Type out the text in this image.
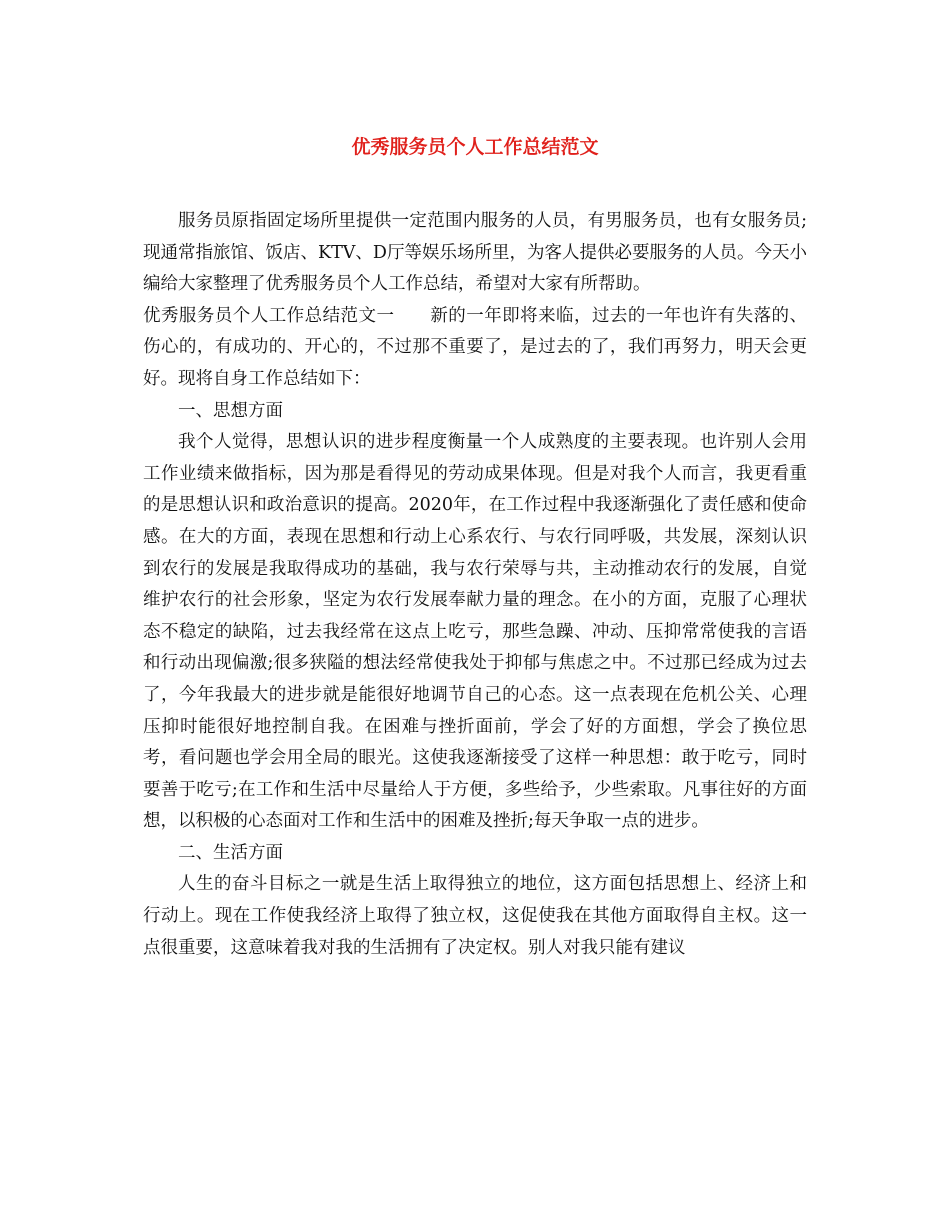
优秀服务员个人工作总结范文

服务员原指固定场所里提供一定范围内服务的人员，有男服务员，也有女服务员;现通常指旅馆、饭店、KTV、D厅等娱乐场所里，为客人提供必要服务的人员。今天小编给大家整理了优秀服务员个人工作总结，希望对大家有所帮助。

优秀服务员个人工作总结范文一　　新的一年即将来临，过去的一年也许有失落的、伤心的，有成功的、开心的，不过那不重要了，是过去的了，我们再努力，明天会更好。现将自身工作总结如下：

一、思想方面

我个人觉得，思想认识的进步程度衡量一个人成熟度的主要表现。也许别人会用工作业绩来做指标，因为那是看得见的劳动成果体现。但是对我个人而言，我更看重的是思想认识和政治意识的提高。2020年，在工作过程中我逐渐强化了责任感和使命感。在大的方面，表现在思想和行动上心系农行、与农行同呼吸，共发展，深刻认识到农行的发展是我取得成功的基础，我与农行荣辱与共，主动推动农行的发展，自觉维护农行的社会形象，坚定为农行发展奉献力量的理念。在小的方面，克服了心理状态不稳定的缺陷，过去我经常在这点上吃亏，那些急躁、冲动、压抑常常使我的言语和行动出现偏激;很多狭隘的想法经常使我处于抑郁与焦虑之中。不过那已经成为过去了，今年我最大的进步就是能很好地调节自己的心态。这一点表现在危机公关、心理压抑时能很好地控制自我。在困难与挫折面前，学会了好的方面想，学会了换位思考，看问题也学会用全局的眼光。这使我逐渐接受了这样一种思想：敢于吃亏，同时要善于吃亏;在工作和生活中尽量给人于方便，多些给予，少些索取。凡事往好的方面想，以积极的心态面对工作和生活中的困难及挫折;每天争取一点的进步。

二、生活方面

人生的奋斗目标之一就是生活上取得独立的地位，这方面包括思想上、经济上和行动上。现在工作使我经济上取得了独立权，这促使我在其他方面取得自主权。这一点很重要，这意味着我对我的生活拥有了决定权。别人对我只能有建议
